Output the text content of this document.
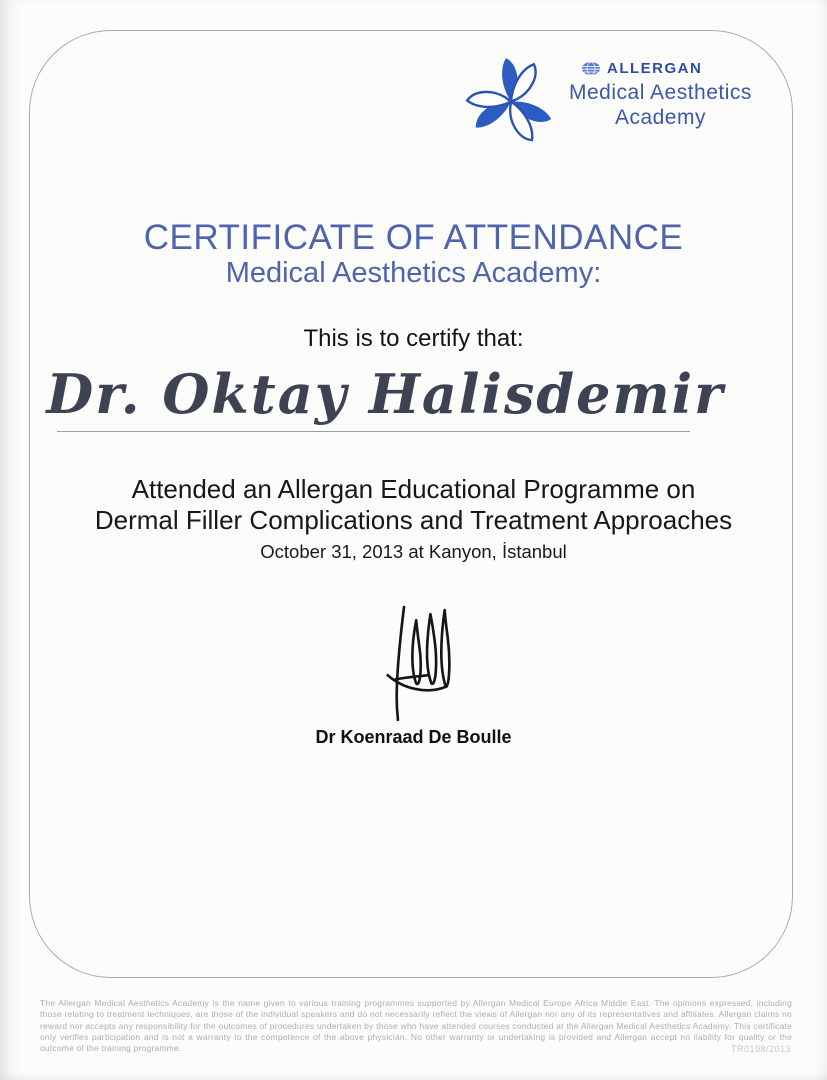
ALLERGAN
Medical Aesthetics
Academy
CERTIFICATE OF ATTENDANCE
Medical Aesthetics Academy:
This is to certify that:
Dr. Oktay Halisdemir
Attended an Allergan Educational Programme on
Dermal Filler Complications and Treatment Approaches
October 31, 2013 at Kanyon, İstanbul
Dr Koenraad De Boulle
The Allergan Medical Aesthetics Academy is the name given to various training programmes supported by Allergan Medical Europe Africa Middle East. The opinions expressed, including those relating to treatment techniques, are those of the individual speakers and do not necessarily reflect the views of Allergan nor any of its representatives and affiliates. Allergan claims no reward nor accepts any responsibility for the outcomes of procedures undertaken by those who have attended courses conducted at the Allergan Medical Aesthetics Academy. This certificate only verifies participation and is not a warranty to the competence of the above physician. No other warranty or undertaking is provided and Allergan accept no liability for quality or the outcome of the training programme.	TR0198/2013
